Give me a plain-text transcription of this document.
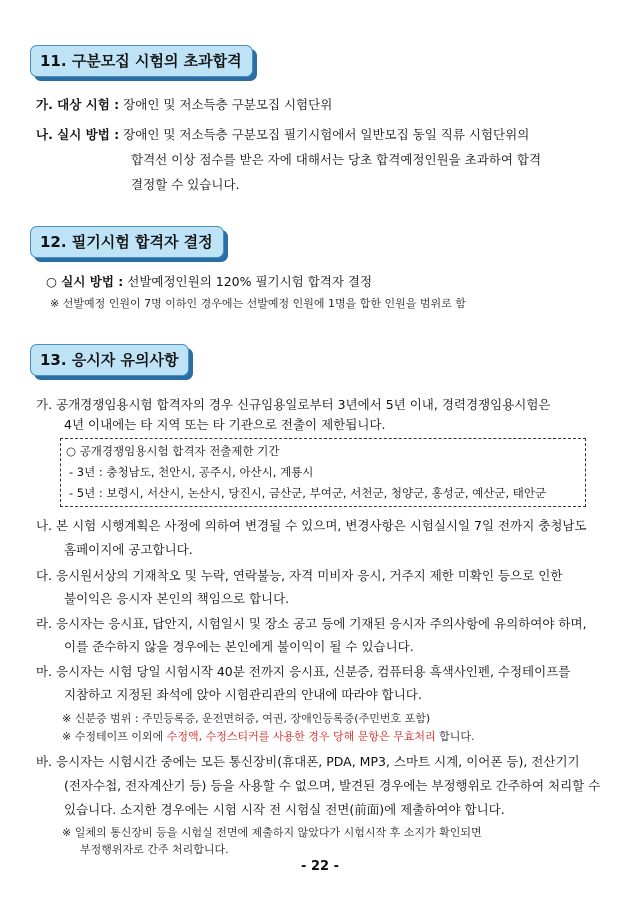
11. 구분모집 시험의 초과합격
가. 대상 시험 : 장애인 및 저소득층 구분모집 시험단위
나. 실시 방법 : 장애인 및 저소득층 구분모집 필기시험에서 일반모집 동일 직류 시험단위의
합격선 이상 점수를 받은 자에 대해서는 당초 합격예정인원을 초과하여 합격
결정할 수 있습니다.
12. 필기시험 합격자 결정
○ 실시 방법 : 선발예정인원의 120% 필기시험 합격자 결정
※ 선발예정 인원이 7명 이하인 경우에는 선발예정 인원에 1명을 합한 인원을 범위로 함
13. 응시자 유의사항
가. 공개경쟁임용시험 합격자의 경우 신규임용일로부터 3년에서 5년 이내, 경력경쟁임용시험은
4년 이내에는 타 지역 또는 타 기관으로 전출이 제한됩니다.
○ 공개경쟁임용시험 합격자 전출제한 기간
- 3년 : 충청남도, 천안시, 공주시, 아산시, 계룡시
- 5년 : 보령시, 서산시, 논산시, 당진시, 금산군, 부여군, 서천군, 청양군, 홍성군, 예산군, 태안군
나. 본 시험 시행계획은 사정에 의하여 변경될 수 있으며, 변경사항은 시험실시일 7일 전까지 충청남도
홈페이지에 공고합니다.
다. 응시원서상의 기재착오 및 누락, 연락불능, 자격 미비자 응시, 거주지 제한 미확인 등으로 인한
불이익은 응시자 본인의 책임으로 합니다.
라. 응시자는 응시표, 답안지, 시험일시 및 장소 공고 등에 기재된 응시자 주의사항에 유의하여야 하며,
이를 준수하지 않을 경우에는 본인에게 불이익이 될 수 있습니다.
마. 응시자는 시험 당일 시험시작 40분 전까지 응시표, 신분증, 컴퓨터용 흑색사인펜, 수정테이프를
지참하고 지정된 좌석에 앉아 시험관리관의 안내에 따라야 합니다.
※ 신분증 범위 : 주민등록증, 운전면허증, 여권, 장애인등록증(주민번호 포함)
※ 수정테이프 이외에 수정액, 수정스티커를 사용한 경우 당해 문항은 무효처리 합니다.
바. 응시자는 시험시간 중에는 모든 통신장비(휴대폰, PDA, MP3, 스마트 시계, 이어폰 등), 전산기기
(전자수첩, 전자계산기 등) 등을 사용할 수 없으며, 발견된 경우에는 부정행위로 간주하여 처리할 수
있습니다. 소지한 경우에는 시험 시작 전 시험실 전면(前面)에 제출하여야 합니다.
※ 일체의 통신장비 등을 시험실 전면에 제출하지 않았다가 시험시작 후 소지가 확인되면
부정행위자로 간주 처리합니다.
- 22 -
